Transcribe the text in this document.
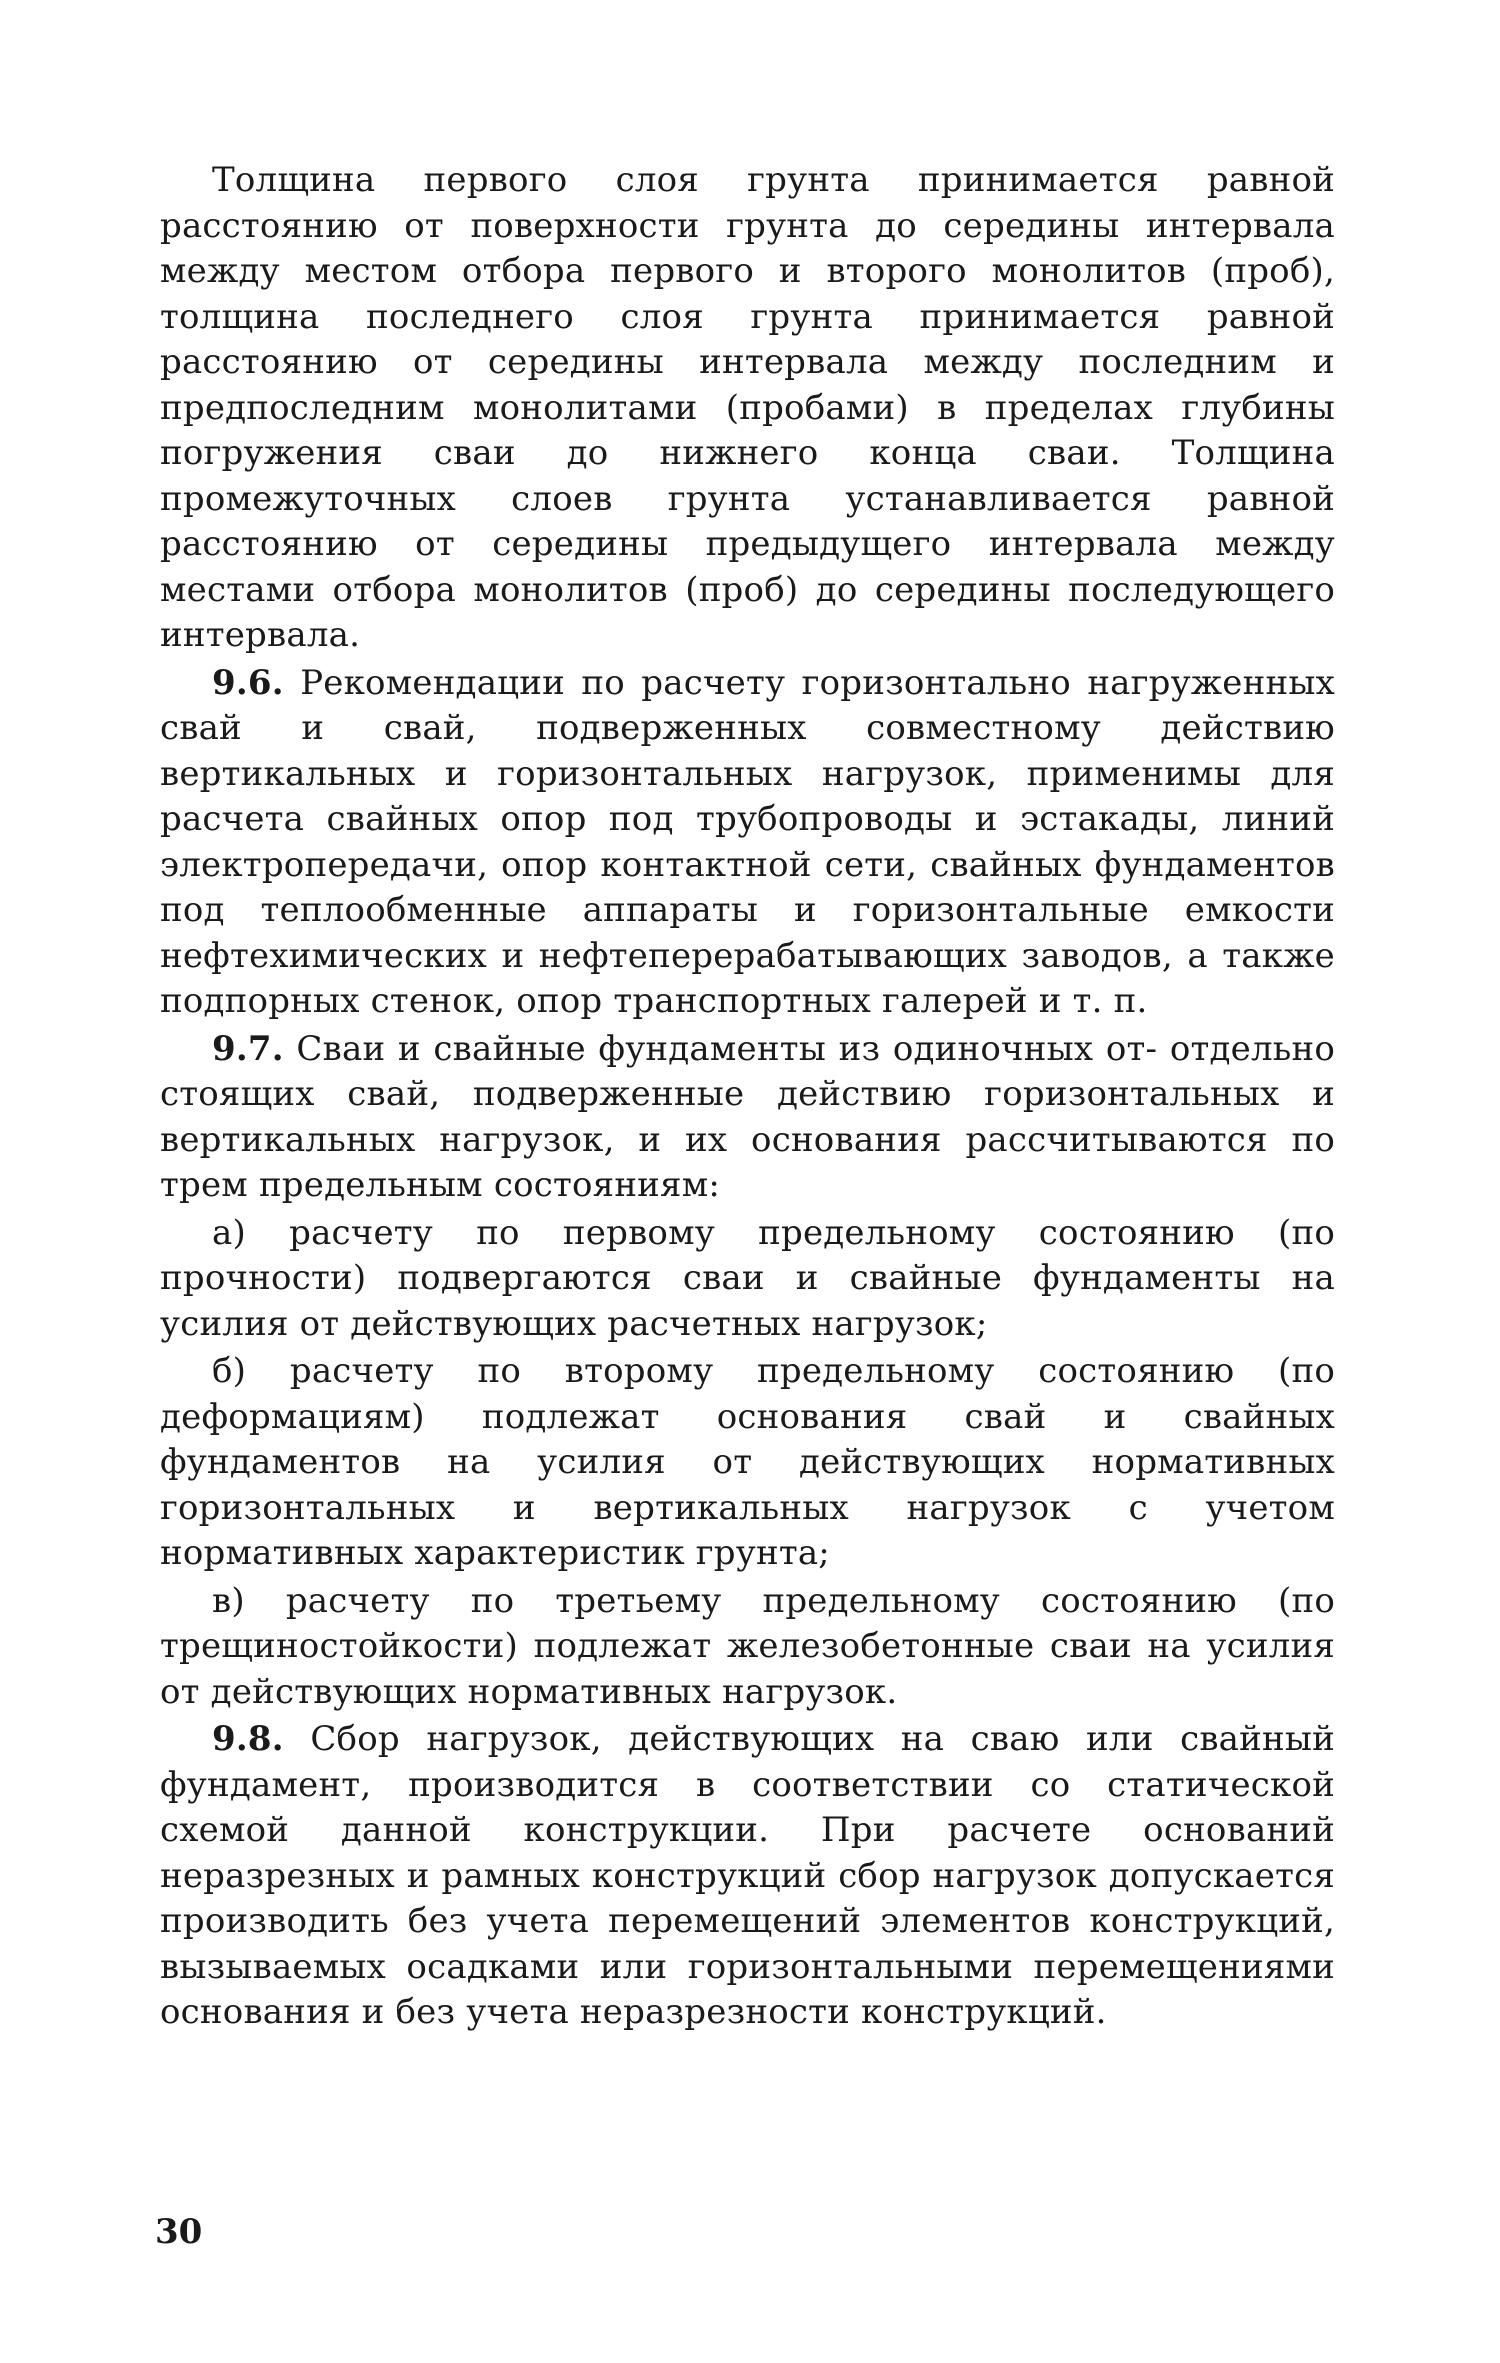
Толщина первого слоя грунта принимается равной расстоянию от поверхности грунта до середины интервала между местом отбора первого и второго монолитов (проб), толщина последнего слоя грунта принимается равной расстоянию от середины интервала между последним и предпоследним монолитами (пробами) в пределах глубины погружения сваи до нижнего конца сваи. Толщина промежуточных слоев грунта устанавливается равной расстоянию от середины предыдущего интервала между местами отбора монолитов (проб) до середины последующего интервала.

9.6. Рекомендации по расчету горизонтально нагруженных свай и свай, подверженных совместному действию вертикальных и горизонтальных нагрузок, применимы для расчета свайных опор под трубопроводы и эстакады, линий электропередачи, опор контактной сети, свайных фундаментов под теплообменные аппараты и горизонтальные емкости нефтехимических и нефтеперерабатывающих заводов, а также подпорных стенок, опор транспортных галерей и т. п.

9.7. Сваи и свайные фундаменты из одиночных от- отдельно стоящих свай, подверженные действию горизонтальных и вертикальных нагрузок, и их основания рассчитываются по трем предельным состояниям:

а) расчету по первому предельному состоянию (по прочности) подвергаются сваи и свайные фундаменты на усилия от действующих расчетных нагрузок;

б) расчету по второму предельному состоянию (по деформациям) подлежат основания свай и свайных фундаментов на усилия от действующих нормативных горизонтальных и вертикальных нагрузок с учетом нормативных характеристик грунта;

в) расчету по третьему предельному состоянию (по трещиностойкости) подлежат железобетонные сваи на усилия от действующих нормативных нагрузок.

9.8. Сбор нагрузок, действующих на сваю или свайный фундамент, производится в соответствии со статической схемой данной конструкции. При расчете оснований неразрезных и рамных конструкций сбор нагрузок допускается производить без учета перемещений элементов конструкций, вызываемых осадками или горизонтальными перемещениями основания и без учета неразрезности конструкций.

30
